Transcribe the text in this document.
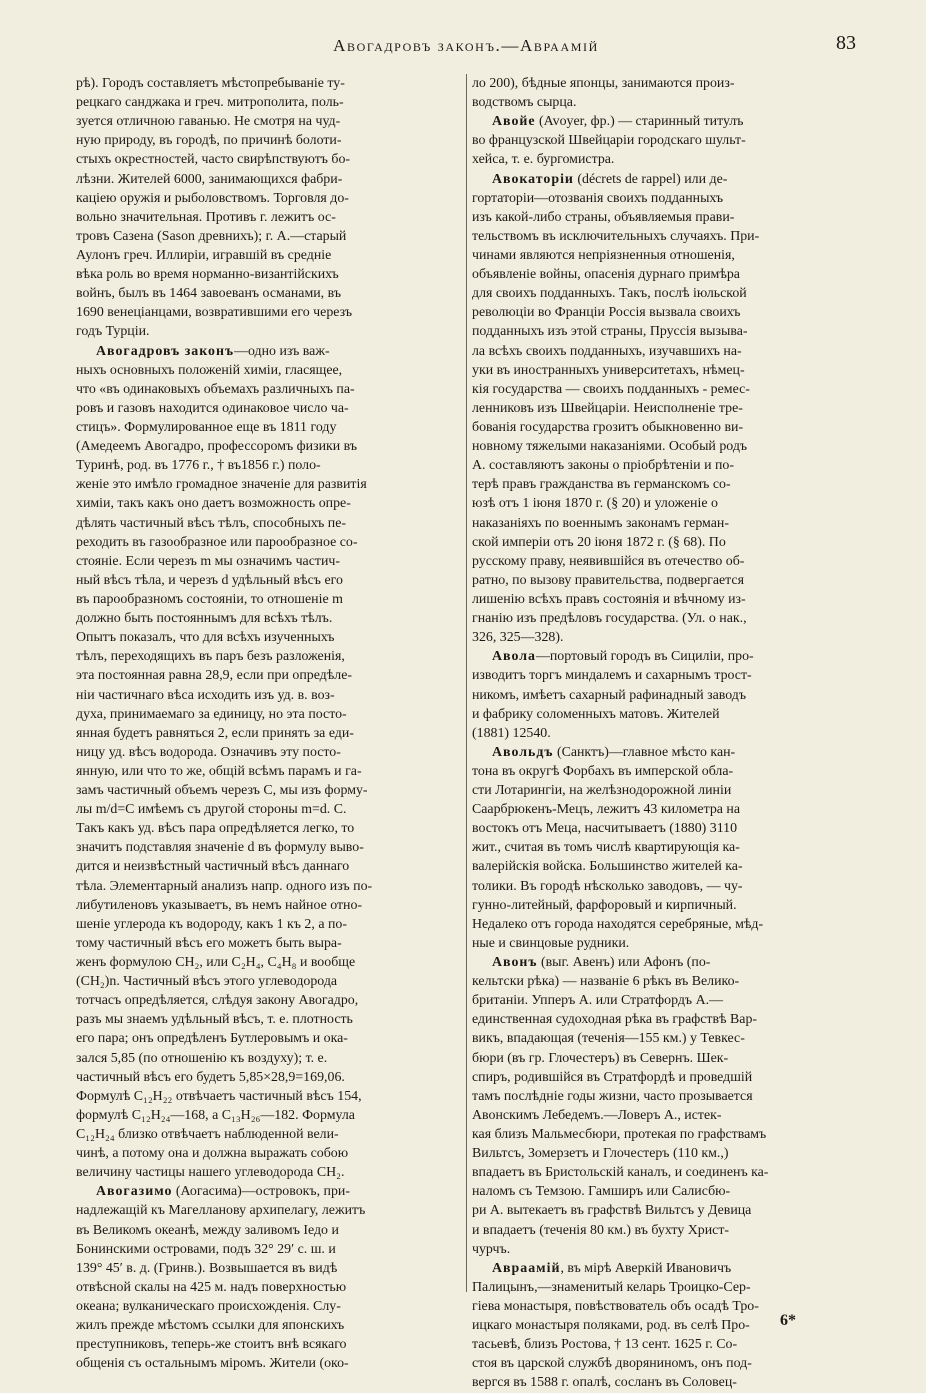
Авогадровъ законъ.—Авраамій	83
рѣ). Городъ составляетъ мѣстопребываніе ту-
рецкаго санджака и греч. митрополита, поль-
зуется отличною гаванью. Не смотря на чуд-
ную природу, въ городѣ, по причинѣ болоти-
стыхъ окрестностей, часто свирѣпствуютъ бо-
лѣзни. Жителей 6000, занимающихся фабри-
каціею оружія и рыболовствомъ. Торговля до-
вольно значительная. Противъ г. лежитъ ос-
тровъ Сазена (Sason древнихъ); г. А.—старый
Аулонъ греч. Иллиріи, игравшій въ средніе
вѣка роль во время норманно-византійскихъ
войнъ, былъ въ 1464 завоеванъ османами, въ
1690 венеціанцами, возвратившими его черезъ
годъ Турціи.
Авогадровъ законъ—одно изъ важ-
ныхъ основныхъ положеній химіи, гласящее,
что «въ одинаковыхъ объемахъ различныхъ па-
ровъ и газовъ находится одинаковое число ча-
стицъ». Формулированное еще въ 1811 году
(Амедеемъ Авогадро, профессоромъ физики въ
Туринѣ, род. въ 1776 г., † въ1856 г.) поло-
женіе это имѣло громадное значеніе для развитія
химіи, такъ какъ оно даетъ возможность опре-
дѣлять частичный вѣсъ тѣлъ, способныхъ пе-
реходить въ газообразное или парообразное со-
стояніе. Если черезъ m мы означимъ частич-
ный вѣсъ тѣла, и черезъ d удѣльный вѣсъ его
въ парообразномъ состояніи, то отношеніе m
должно быть постояннымъ для всѣхъ тѣлъ.
Опытъ показалъ, что для всѣхъ изученныхъ
тѣлъ, переходящихъ въ паръ безъ разложенія,
эта постоянная равна 28,9, если при опредѣле-
ніи частичнаго вѣса исходить изъ уд. в. воз-
духа, принимаемаго за единицу, но эта посто-
янная будетъ равняться 2, если принять за еди-
ницу уд. вѣсъ водорода. Означивъ эту посто-
янную, или что то же, общій всѣмъ парамъ и га-
замъ частичный объемъ черезъ С, мы изъ форму-
лы m/d=C имѣемъ съ другой стороны m=d. C.
Такъ какъ уд. вѣсъ пара опредѣляется легко, то
значитъ подставляя значеніе d въ формулу выво-
дится и неизвѣстный частичный вѣсъ даннаго
тѣла. Элементарный анализъ напр. одного изъ по-
либутиленовъ указываетъ, въ немъ найное отно-
шеніе углерода къ водороду, какъ 1 къ 2, а по-
тому частичный вѣсъ его можетъ быть выра-
женъ формулою CH₂, или C₂H₄, C₄H₈ и вообще
(CH₂)n. Частичный вѣсъ этого углеводорода
тотчасъ опредѣляется, слѣдуя закону Авогадро,
разъ мы знаемъ удѣльный вѣсъ, т. е. плотность
его пара; онъ опредѣленъ Бутлеровымъ и ока-
зался 5,85 (по отношенію къ воздуху); т. е.
частичный вѣсъ его будетъ 5,85×28,9=169,06.
Формулѣ C₁₂H₂₂ отвѣчаетъ частичный вѣсъ 154,
формулѣ C₁₂H₂₄—168, а C₁₃H₂₆—182. Формула
C₁₂H₂₄ близко отвѣчаетъ наблюденной вели-
чинѣ, а потому она и должна выражать собою
величину частицы нашего углеводорода CH₂.
Авогазимо (Аогасима)—островокъ, при-
надлежащій къ Магелланову архипелагу, лежитъ
въ Великомъ океанѣ, между заливомъ Іедо и
Бонинскими островами, подъ 32° 29′ с. ш. и
139° 45′ в. д. (Гринв.). Возвышается въ видѣ
отвѣсной скалы на 425 м. надъ поверхностью
океана; вулканическаго происхожденія. Слу-
жилъ прежде мѣстомъ ссылки для японскихъ
преступниковъ, теперь-же стоитъ внѣ всякаго
общенія съ остальнымъ міромъ. Жители (око-
ло 200), бѣдные японцы, занимаются произ-
водствомъ сырца.
Авойе (Avoyer, фр.) — старинный титулъ
во французской Швейцаріи городскаго шульт-
хейса, т. е. бургомистра.
Авокаторіи (décrets de rappel) или де-
гортаторіи—отозванія своихъ подданныхъ
изъ какой-либо страны, объявляемыя прави-
тельствомъ въ исключительныхъ случаяхъ. При-
чинами являются непріязненныя отношенія,
объявленіе войны, опасенія дурнаго примѣра
для своихъ подданныхъ. Такъ, послѣ іюльской
революціи во Франціи Россія вызвала своихъ
подданныхъ изъ этой страны, Пруссія вызыва-
ла всѣхъ своихъ подданныхъ, изучавшихъ на-
уки въ иностранныхъ университетахъ, нѣмец-
кія государства — своихъ подданныхъ - ремес-
ленниковъ изъ Швейцаріи. Неисполненіе тре-
бованія государства грозитъ обыкновенно ви-
новному тяжелыми наказаніями. Особый родъ
А. составляютъ законы о пріобрѣтеніи и по-
терѣ правъ гражданства въ германскомъ со-
юзѣ отъ 1 іюня 1870 г. (§ 20) и уложеніе о
наказаніяхъ по военнымъ законамъ герман-
ской имперіи отъ 20 іюня 1872 г. (§ 68). По
русскому праву, неявившійся въ отечество об-
ратно, по вызову правительства, подвергается
лишенію всѣхъ правъ состоянія и вѣчному из-
гнанію изъ предѣловъ государства. (Ул. о нак.,
326, 325—328).
Авола—портовый городъ въ Сициліи, про-
изводитъ торгъ миндалемъ и сахарнымъ трост-
никомъ, имѣетъ сахарный рафинадный заводъ
и фабрику соломенныхъ матовъ. Жителей
(1881) 12540.
Авольдъ (Санктъ)—главное мѣсто кан-
тона въ округѣ Форбахъ въ имперской обла-
сти Лотарингіи, на желѣзнодорожной линіи
Саарбрюкенъ-Мецъ, лежитъ 43 километра на
востокъ отъ Меца, насчитываетъ (1880) 3110
жит., считая въ томъ числѣ квартирующія ка-
валерійскія войска. Большинство жителей ка-
толики. Въ городѣ нѣсколько заводовъ, — чу-
гунно-литейный, фарфоровый и кирпичный.
Недалеко отъ города находятся серебряные, мѣд-
ные и свинцовые рудники.
Авонъ (выг. Авенъ) или Афонъ (по-
кельтски рѣка) — названіе 6 рѣкъ въ Велико-
британіи. Упперъ А. или Стратфордъ А.—
единственная судоходная рѣка въ графствѣ Вар-
викъ, впадающая (теченія—155 км.) у Тевкес-
бюри (въ гр. Глочестеръ) въ Севернъ. Шек-
спиръ, родившійся въ Стратфордѣ и проведшій
тамъ послѣдніе годы жизни, часто прозывается
Авонскимъ Лебедемъ.—Ловеръ А., истек-
кая близъ Мальмесбюри, протекая по графствамъ
Вильтсъ, Зомерзетъ и Глочестеръ (110 км.,)
впадаетъ въ Бристольскій каналъ, и соединенъ ка-
наломъ съ Темзою. Гамширъ или Салисбю-
ри А. вытекаетъ въ графствѣ Вильтсъ у Девица
и впадаетъ (теченія 80 км.) въ бухту Христ-
чурчъ.
Авраамій, въ мірѣ Аверкій Ивановичъ
Палицынъ,—знаменитый келарь Троицко-Сер-
гіева монастыря, повѣствователь объ осадѣ Тро-
ицкаго монастыря поляками, род. въ селѣ Про-
тасьевѣ, близъ Ростова, † 13 сент. 1625 г. Со-
стоя въ царской службѣ дворяниномъ, онъ под-
вергся въ 1588 г. опалѣ, сосланъ въ Соловец-
6*
